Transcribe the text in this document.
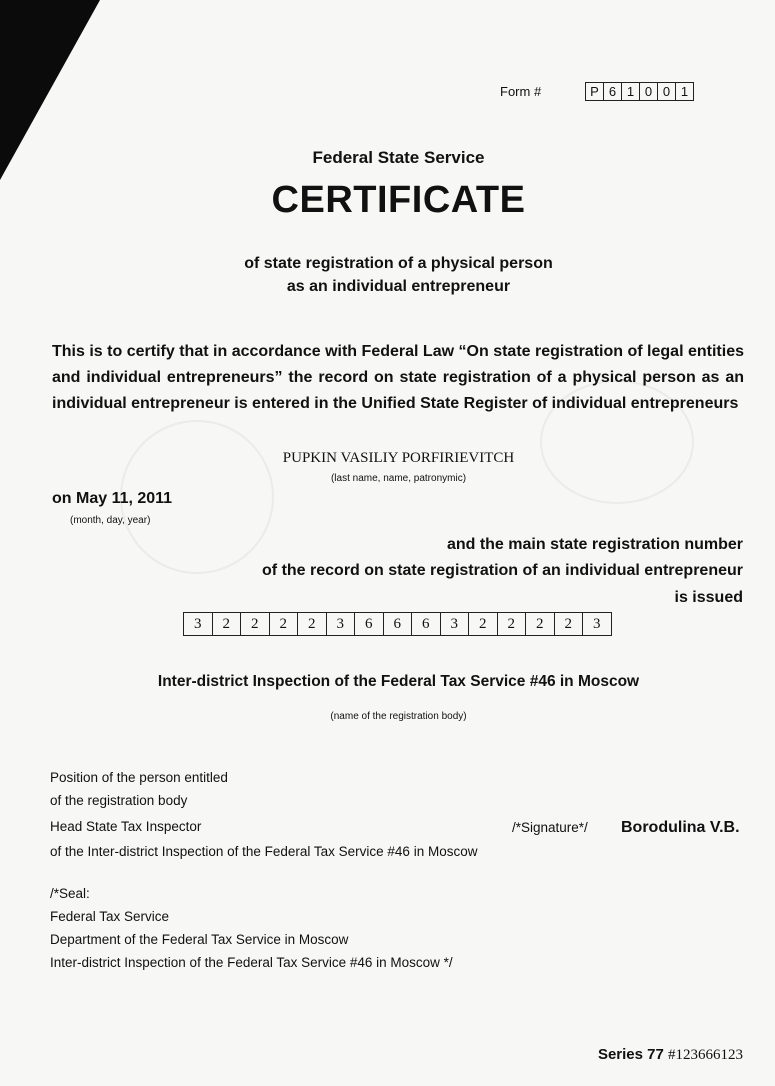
Form #	P 6 1 0 0 1
Federal State Service
CERTIFICATE
of state registration of a physical person
as an individual entrepreneur
This is to certify that in accordance with Federal Law “On state registration of legal entities and individual entrepreneurs” the record on state registration of a physical person as an individual entrepreneur is entered in the Unified State Register of individual entrepreneurs
PUPKIN VASILIY PORFIRIEVITCH
(last name, name, patronymic)
on May 11, 2011
(month, day, year)
and the main state registration number
of the record on state registration of an individual entrepreneur
is issued
3	2	2	2	2	3	6	6	6	3	2	2	2	2	3
Inter-district Inspection of the Federal Tax Service #46 in Moscow
(name of the registration body)
Position of the person entitled
of the registration body
Head State Tax Inspector
of the Inter-district Inspection of the Federal Tax Service #46 in Moscow
/*Signature*/ Borodulina V.B.
/*Seal:
Federal Tax Service
Department of the Federal Tax Service in Moscow
Inter-district Inspection of the Federal Tax Service #46 in Moscow */
Series 77 #123666123
